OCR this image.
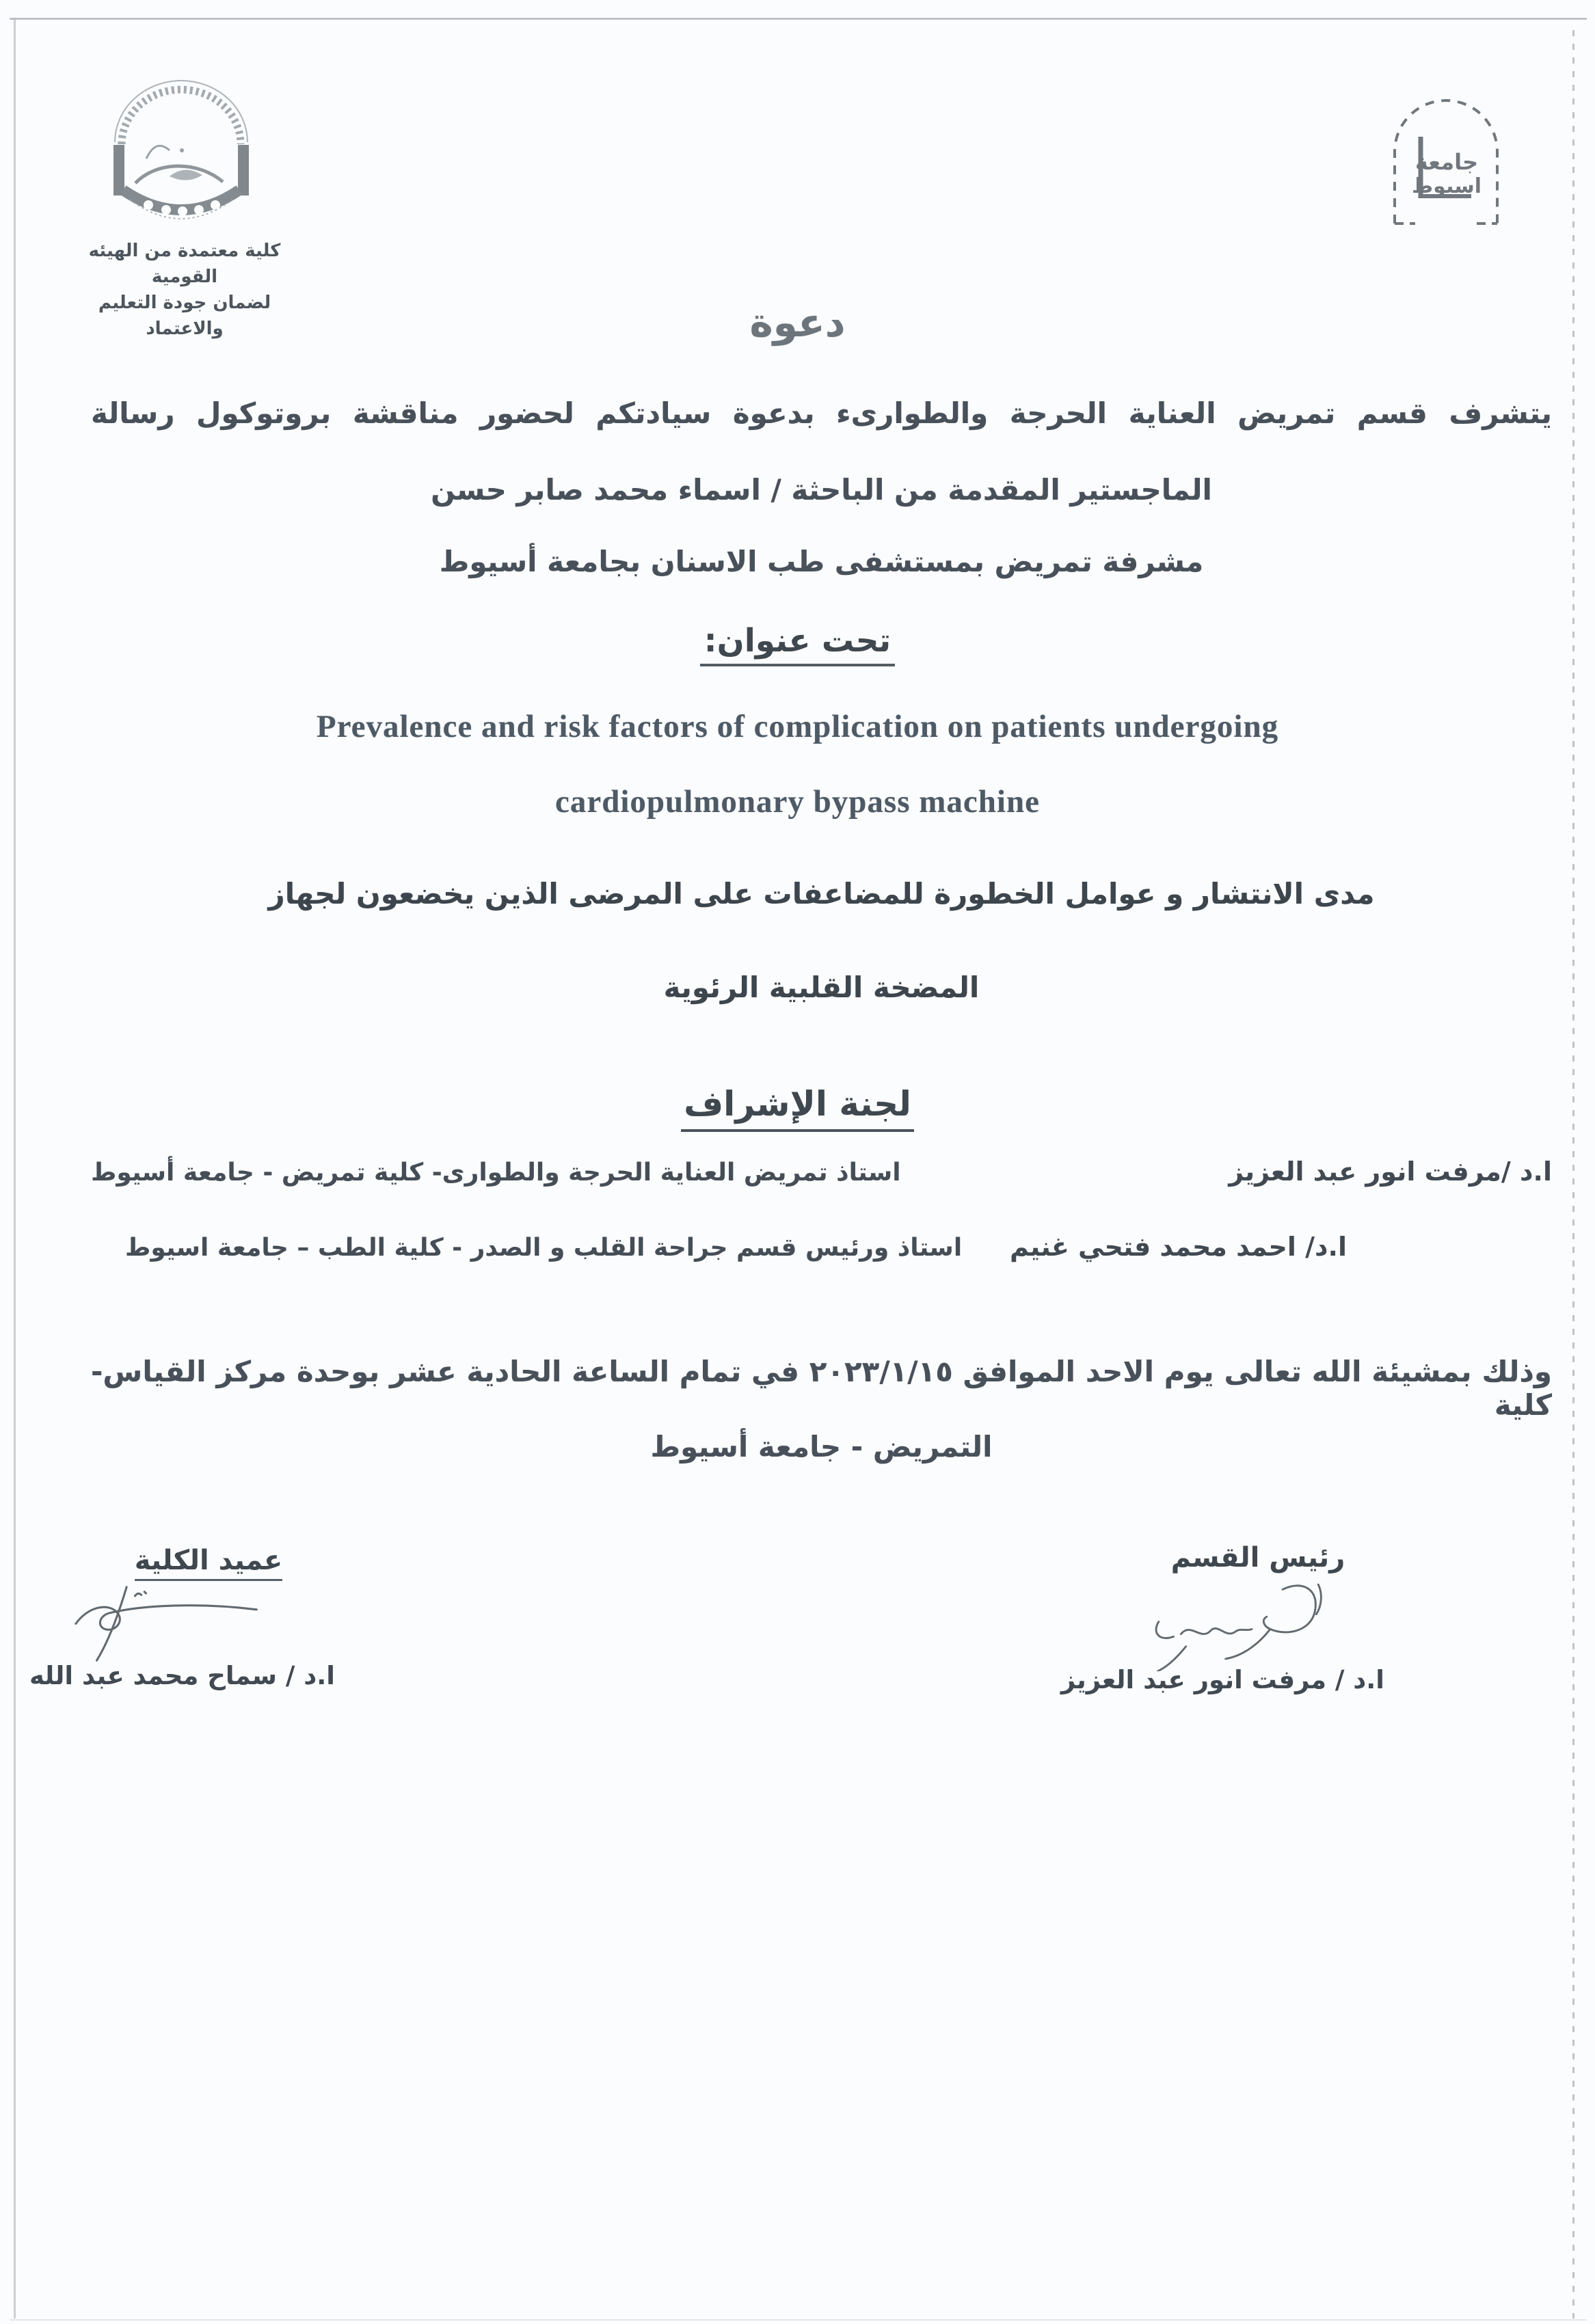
كلية معتمدة من الهيئه القومية
لضمان جودة التعليم والاعتماد
جامعة
اسيوط
دعوة
يتشرف قسم تمريض العناية الحرجة والطوارىء بدعوة سيادتكم لحضور مناقشة بروتوكول رسالة
الماجستير المقدمة من الباحثة / اسماء محمد صابر حسن
مشرفة تمريض بمستشفى طب الاسنان بجامعة أسيوط
تحت عنوان:
Prevalence and risk factors of complication on patients undergoing
cardiopulmonary bypass machine
مدى الانتشار و عوامل الخطورة للمضاعفات على المرضى الذين يخضعون لجهاز
المضخة القلبية الرئوية
لجنة الإشراف
ا.د /مرفت انور عبد العزيز
استاذ تمريض العناية الحرجة والطوارى- كلية تمريض - جامعة أسيوط
ا.د/ احمد محمد فتحي غنيم
استاذ ورئيس قسم جراحة القلب و الصدر - كلية الطب – جامعة اسيوط
وذلك بمشيئة الله تعالى يوم الاحد الموافق ٢٠٢٣/١/١٥ في تمام الساعة الحادية عشر بوحدة مركز القياس- كلية
التمريض - جامعة أسيوط
عميد الكلية
ا.د / سماح محمد عبد الله
رئيس القسم
ا.د / مرفت انور عبد العزيز
